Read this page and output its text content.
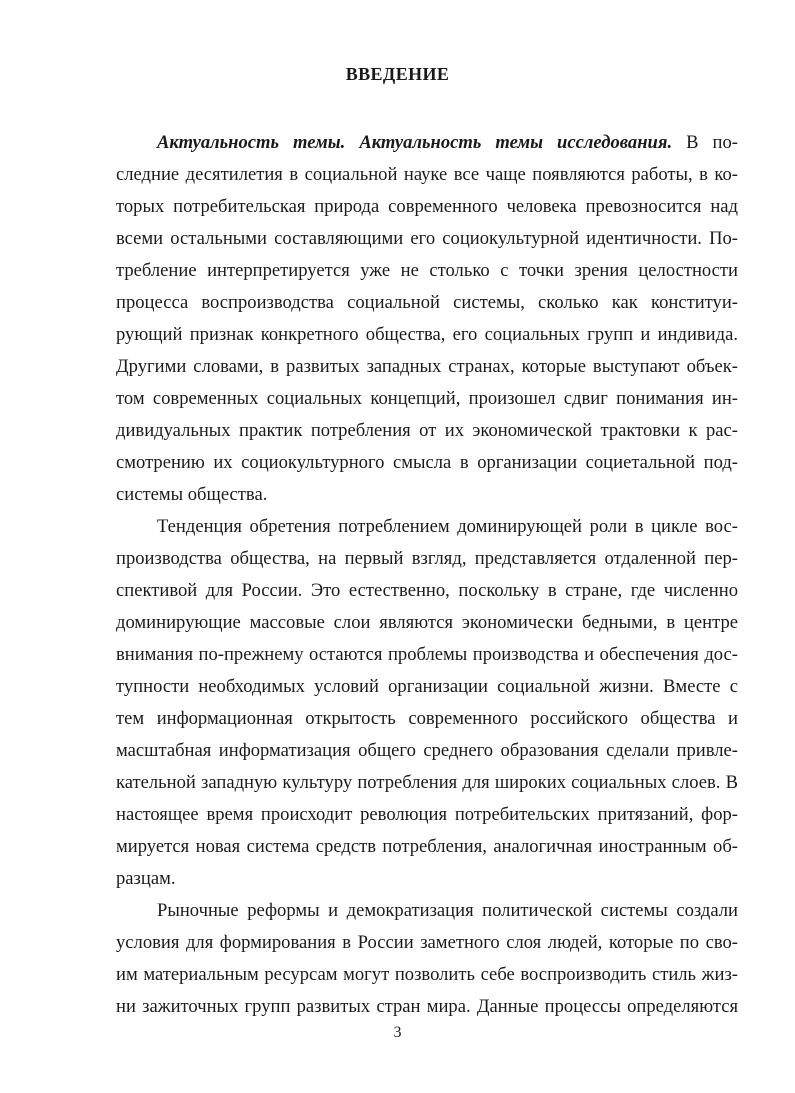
ВВЕДЕНИЕ
Актуальность темы. Актуальность темы исследования. В по-
следние десятилетия в социальной науке все чаще появляются работы, в ко-
торых потребительская природа современного человека превозносится над
всеми остальными составляющими его социокультурной идентичности. По-
требление интерпретируется уже не столько с точки зрения целостности
процесса воспроизводства социальной системы, сколько как конституи-
рующий признак конкретного общества, его социальных групп и индивида.
Другими словами, в развитых западных странах, которые выступают объек-
том современных социальных концепций, произошел сдвиг понимания ин-
дивидуальных практик потребления от их экономической трактовки к рас-
смотрению их социокультурного смысла в организации социетальной под-
системы общества.
Тенденция обретения потреблением доминирующей роли в цикле вос-
производства общества, на первый взгляд, представляется отдаленной пер-
спективой для России. Это естественно, поскольку в стране, где численно
доминирующие массовые слои являются экономически бедными, в центре
внимания по-прежнему остаются проблемы производства и обеспечения дос-
тупности необходимых условий организации социальной жизни. Вместе с
тем информационная открытость современного российского общества и
масштабная информатизация общего среднего образования сделали привле-
кательной западную культуру потребления для широких социальных слоев. В
настоящее время происходит революция потребительских притязаний, фор-
мируется новая система средств потребления, аналогичная иностранным об-
разцам.
Рыночные реформы и демократизация политической системы создали
условия для формирования в России заметного слоя людей, которые по сво-
им материальным ресурсам могут позволить себе воспроизводить стиль жиз-
ни зажиточных групп развитых стран мира. Данные процессы определяются
3
